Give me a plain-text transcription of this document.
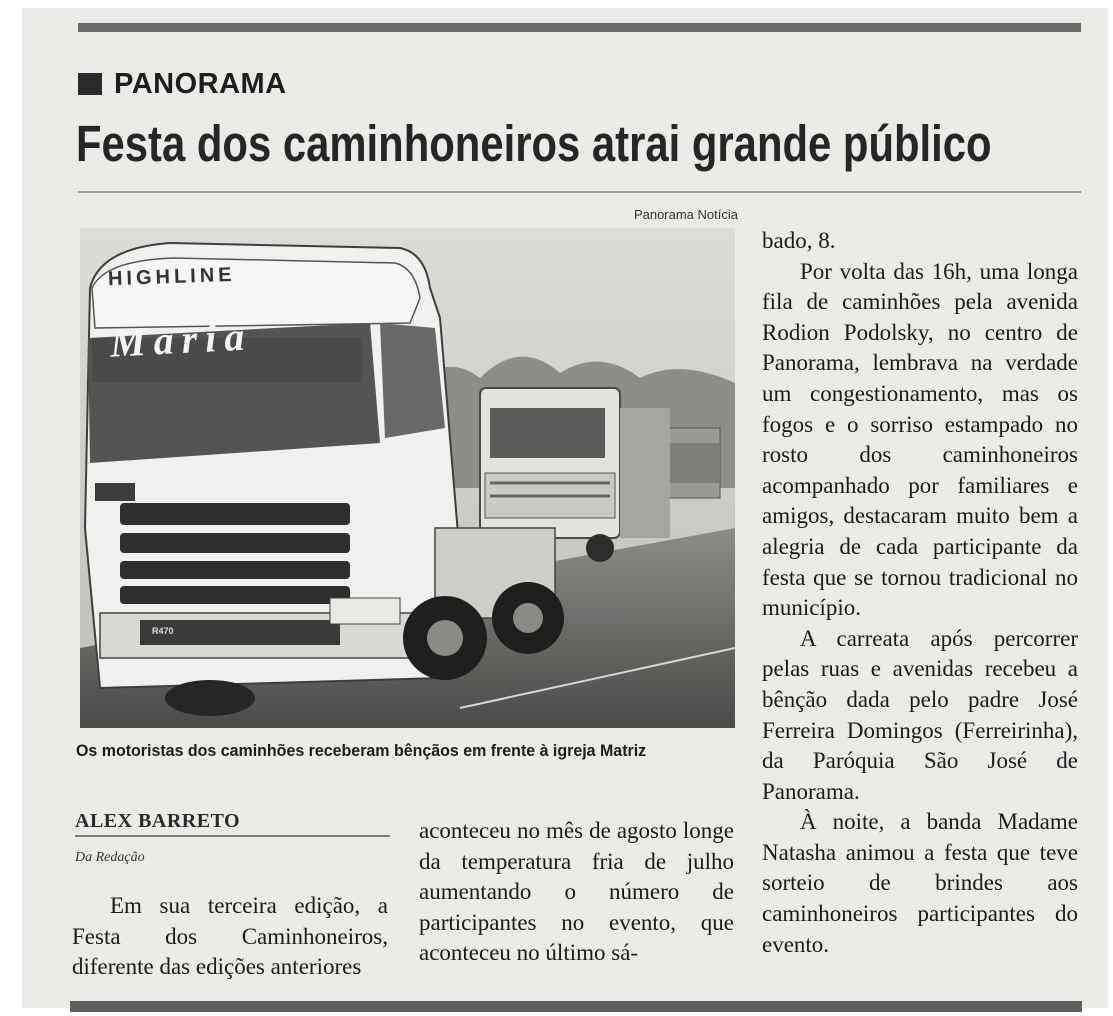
PANORAMA
Festa dos caminhoneiros atrai grande público
Panorama Notícia
HIGHLINE
Maria
R470
Os motoristas dos caminhões receberam bênçãos em frente à igreja Matriz
ALEX BARRETO
Da Redação

Em sua terceira edição, a Festa dos Caminhoneiros, diferente das edições anteriores

aconteceu no mês de agosto longe da temperatura fria de julho aumentando o número de participantes no evento, que aconteceu no último sá-

bado, 8.

Por volta das 16h, uma longa fila de caminhões pela avenida Rodion Podolsky, no centro de Panorama, lembrava na verdade um congestionamento, mas os fogos e o sorriso estampado no rosto dos caminhoneiros acompanhado por familiares e amigos, destacaram muito bem a alegria de cada participante da festa que se tornou tradicional no município.

A carreata após percorrer pelas ruas e avenidas recebeu a bênção dada pelo padre José Ferreira Domingos (Ferreirinha), da Paróquia São José de Panorama.

À noite, a banda Madame Natasha animou a festa que teve sorteio de brindes aos caminhoneiros participantes do evento.
